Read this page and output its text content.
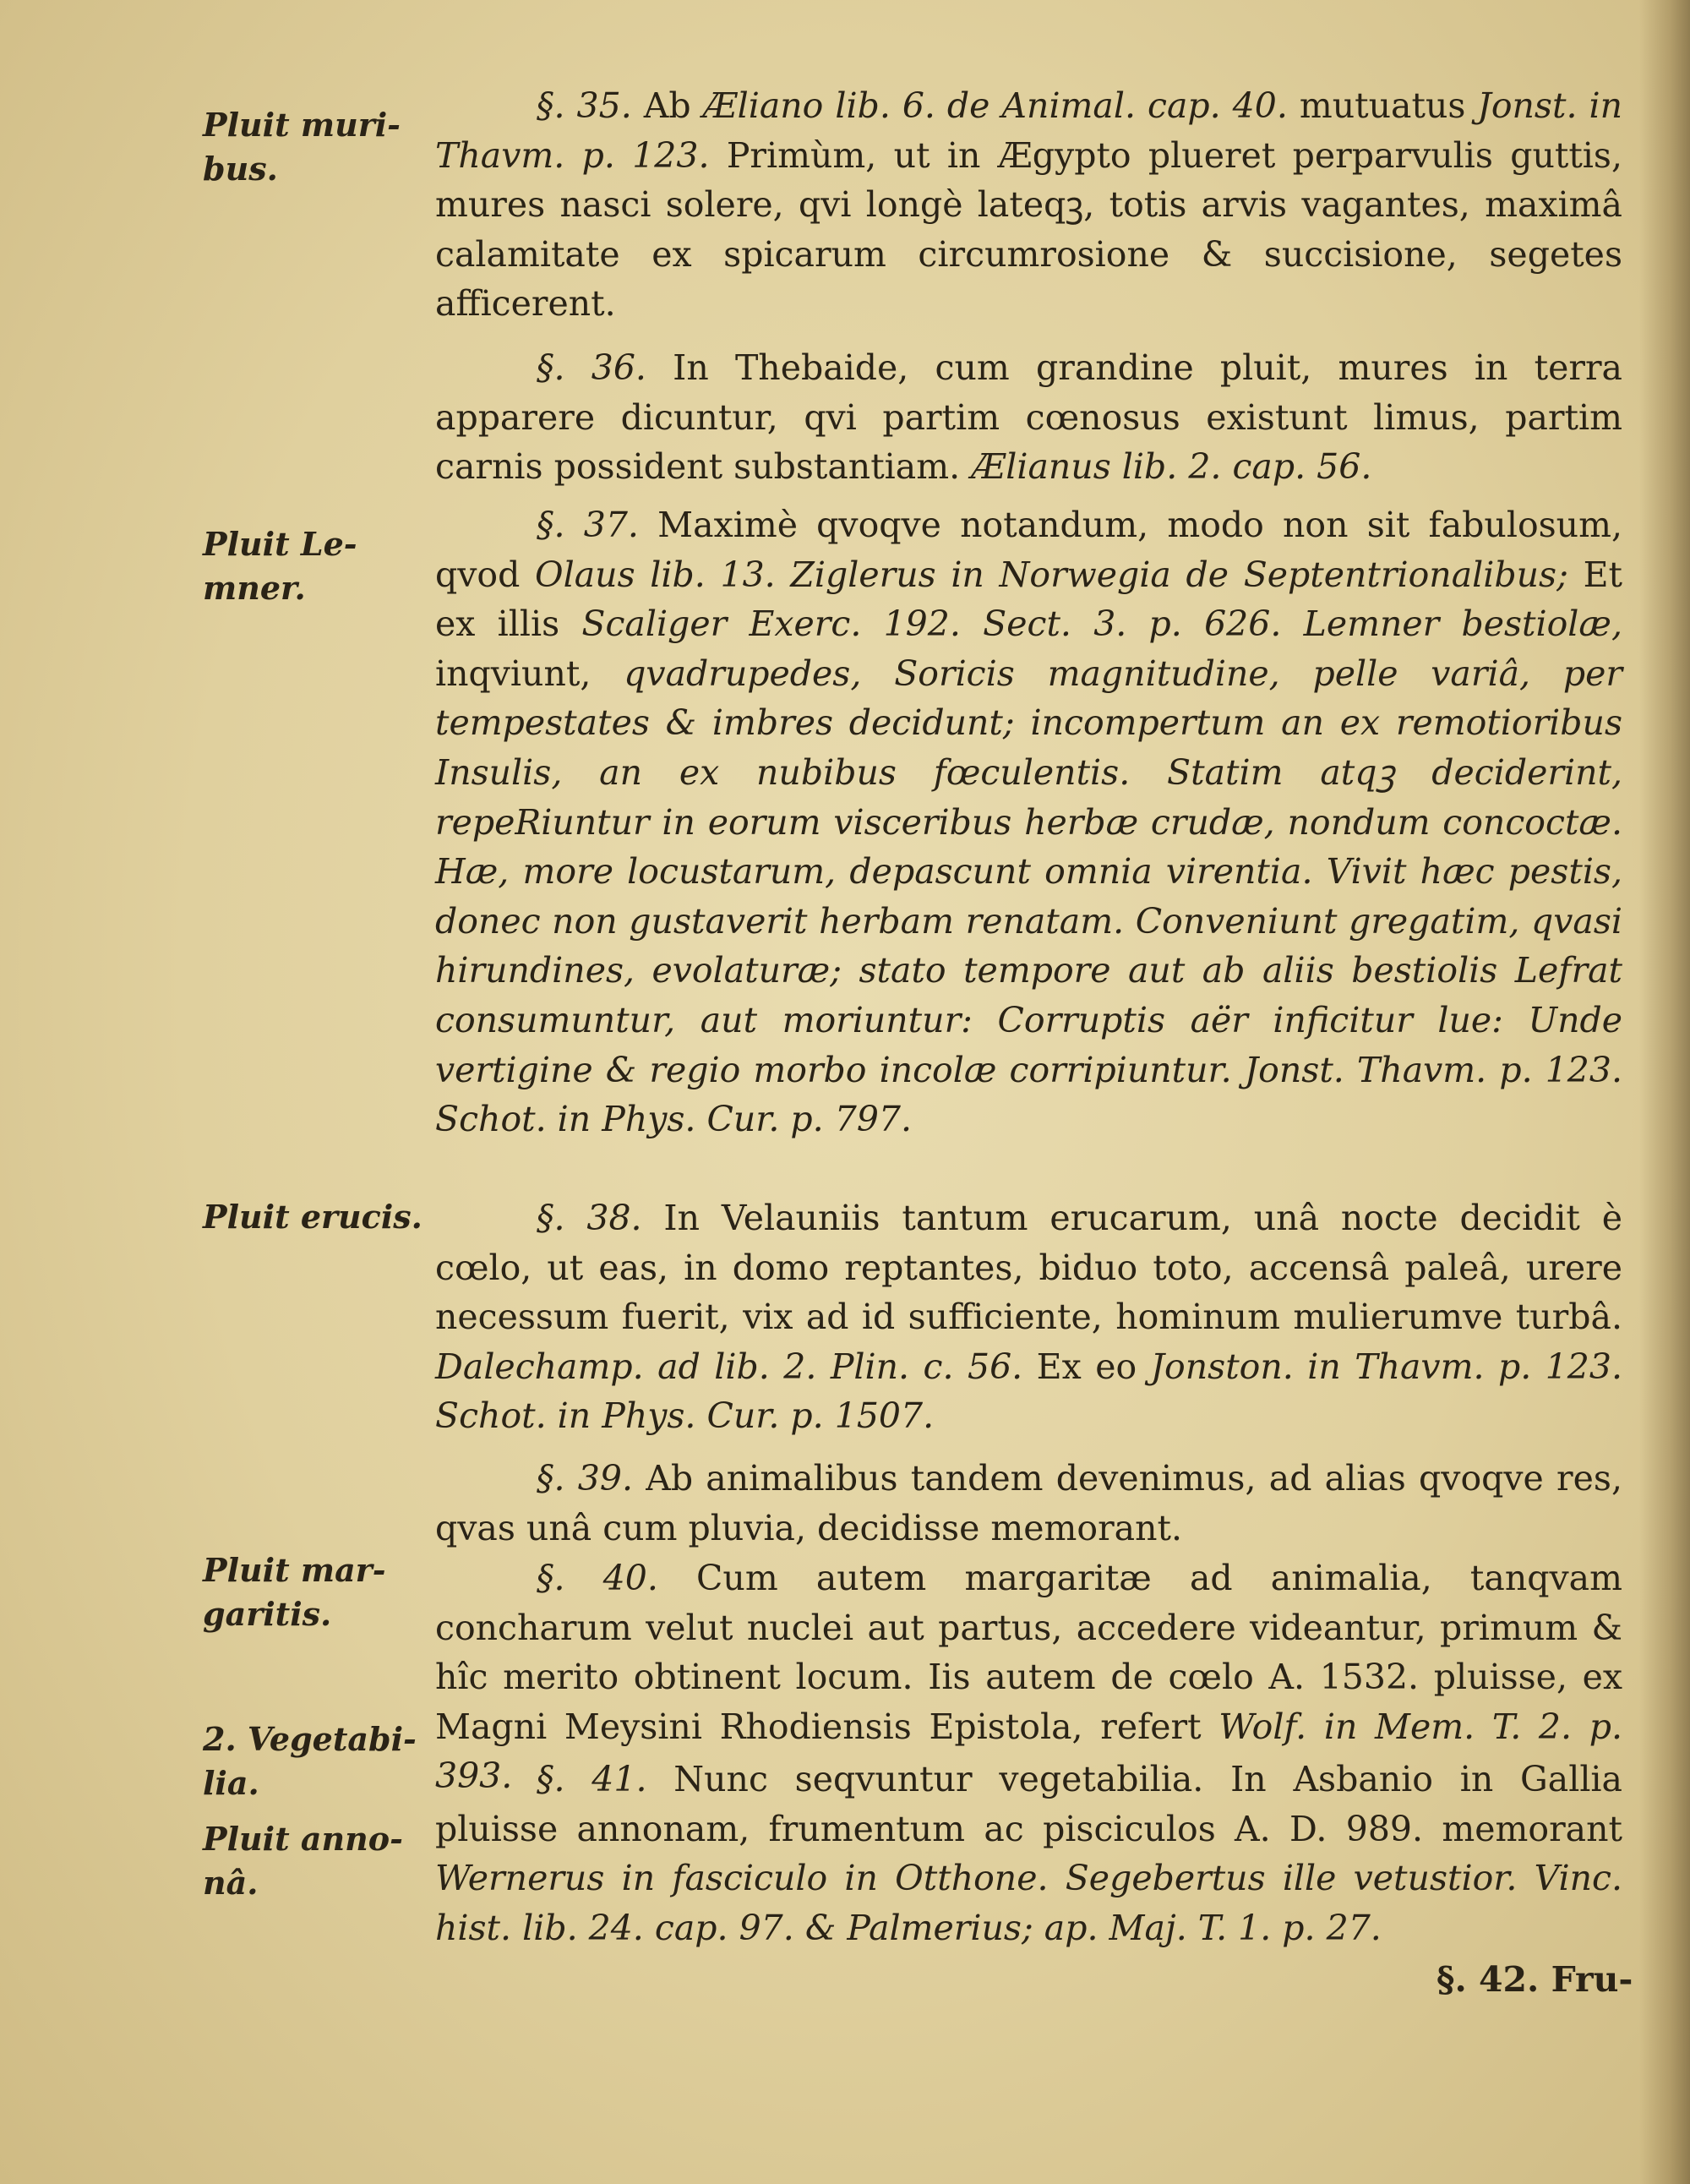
Pluit muri-
bus.
Pluit Le-
mner.
Pluit erucis.
Pluit mar-
garitis.
2. Vegetabi-
lia.
Pluit anno-
nâ.

§. 35. Ab Æliano lib. 6. de Animal. cap. 40. mutuatus Jonst. in Thavm. p. 123. Primùm, ut in Ægypto plueret perparvulis guttis, mures nasci solere, qvi longè lateqꝫ, totis arvis vagantes, maximâ calamitate ex spicarum circumrosione & succisione, segetes afficerent.

§. 36. In Thebaide, cum grandine pluit, mures in terra apparere dicuntur, qvi partim cœnosus existunt limus, partim carnis possident substantiam. Ælianus lib. 2. cap. 56.

§. 37. Maximè qvoqve notandum, modo non sit fabulosum, qvod Olaus lib. 13. Ziglerus in Norwegia de Septentrionalibus; Et ex illis Scaliger Exerc. 192. Sect. 3. p. 626. Lemner bestiolæ, inqviunt, qvadrupedes, Soricis magnitudine, pelle variâ, per tempestates & imbres decidunt; incompertum an ex remotioribus Insulis, an ex nubibus fœculentis. Statim atqꝫ deciderint, repeRiuntur in eorum visceribus herbæ crudæ, nondum concoctæ. Hæ, more locustarum, depascunt omnia virentia. Vivit hæc pestis, donec non gustaverit herbam renatam. Conveniunt gregatim, qvasi hirundines, evolaturæ; stato tempore aut ab aliis bestiolis Lefrat consumuntur, aut moriuntur: Corruptis aër inficitur lue: Unde vertigine & regio morbo incolæ corripiuntur. Jonst. Thavm. p. 123. Schot. in Phys. Cur. p. 797.

§. 38. In Velauniis tantum erucarum, unâ nocte decidit è cœlo, ut eas, in domo reptantes, biduo toto, accensâ paleâ, urere necessum fuerit, vix ad id sufficiente, hominum mulierumve turbâ. Dalechamp. ad lib. 2. Plin. c. 56. Ex eo Jonston. in Thavm. p. 123. Schot. in Phys. Cur. p. 1507.

§. 39. Ab animalibus tandem devenimus, ad alias qvoqve res, qvas unâ cum pluvia, decidisse memorant.

§. 40. Cum autem margaritæ ad animalia, tanqvam concharum velut nuclei aut partus, accedere videantur, primum & hîc merito obtinent locum. Iis autem de cœlo A. 1532. pluisse, ex Magni Meysini Rhodiensis Epistola, refert Wolf. in Mem. T. 2. p. 393. §. 41. Nunc seqvuntur vegetabilia. In Asbanio in Gallia pluisse annonam, frumentum ac pisciculos A. D. 989. memorant Wernerus in fasciculo in Otthone. Segebertus ille vetustior. Vinc. hist. lib. 24. cap. 97. & Palmerius; ap. Maj. T. 1. p. 27.

§. 42. Fru-
